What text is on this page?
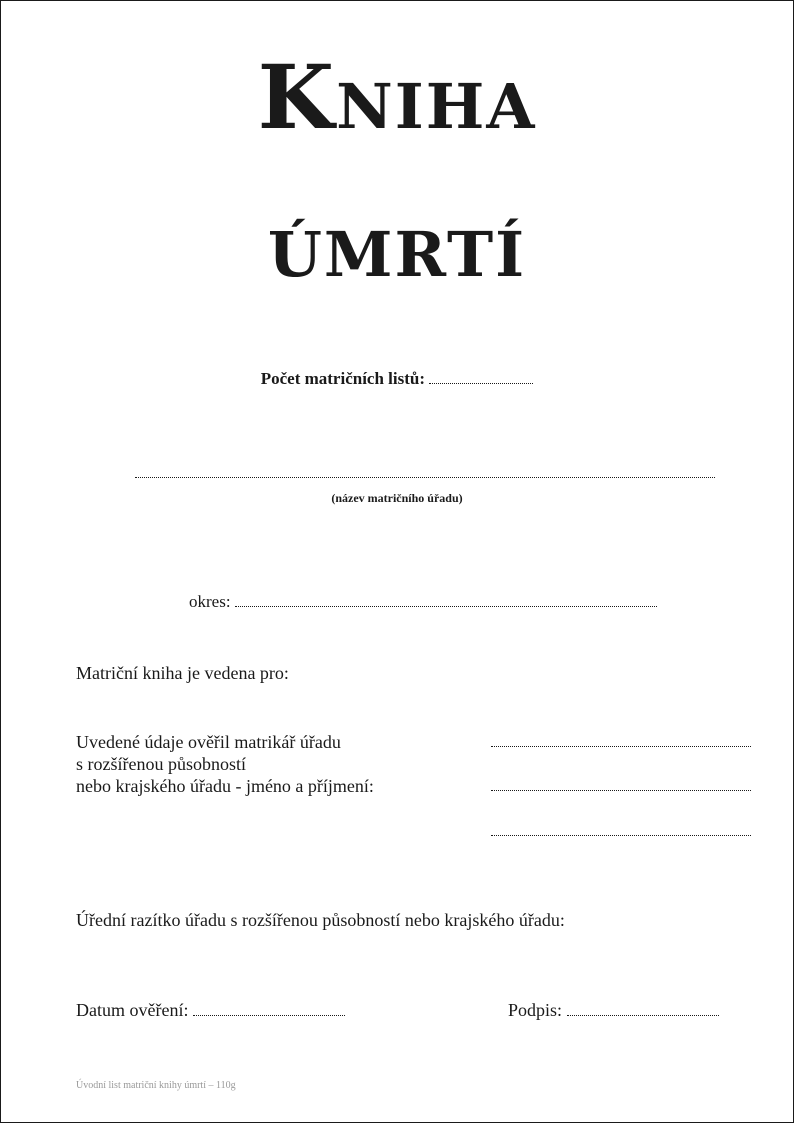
Kniha
úmrtí
Počet matričních listů:
(název matričního úřadu)
okres:
Matriční kniha je vedena pro:
Uvedené údaje ověřil matrikář úřadu
s rozšířenou působností
nebo krajského úřadu - jméno a příjmení:
Úřední razítko úřadu s rozšířenou působností nebo krajského úřadu:
Datum ověření:	Podpis:
Úvodní list matriční knihy úmrtí – 110g
